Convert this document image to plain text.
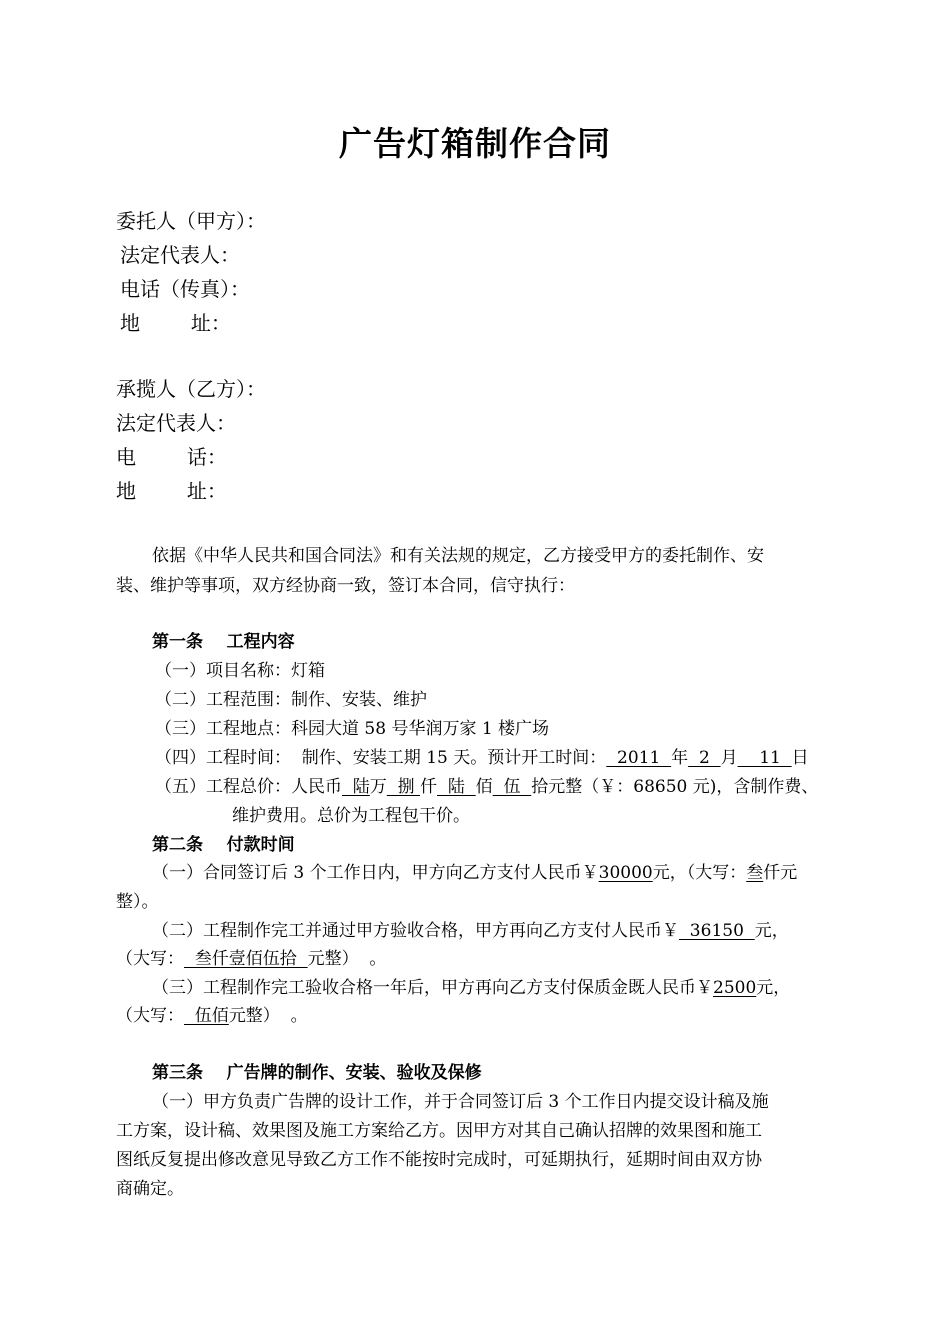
广告灯箱制作合同
委托人（甲方）：
法定代表人：
电话（传真）：
地        址：
承揽人（乙方）：
法定代表人：
电        话：
地        址：
依据《中华人民共和国合同法》和有关法规的规定，乙方接受甲方的委托制作、安
装、维护等事项，双方经协商一致，签订本合同，信守执行：
第一条    工程内容
（一）项目名称：灯箱
（二）工程范围：制作、安装、维护
（三）工程地点：科园大道 58 号华润万家 1 楼广场
（四）工程时间：  制作、安装工期 15 天。预计开工时间：  2011  年  2  月    11  日
（五）工程总价：人民币  陆万  捌 仟  陆  佰  伍  拾元整（￥：68650 元)，含制作费、
维护费用。总价为工程包干价。
第二条    付款时间
（一）合同签订后 3 个工作日内，甲方向乙方支付人民币￥30000元，（大写：叁仟元
整）。
（二）工程制作完工并通过甲方验收合格，甲方再向乙方支付人民币￥  36150  元，
（大写：  叁仟壹佰伍拾  元整）  。
（三）工程制作完工验收合格一年后，甲方再向乙方支付保质金既人民币￥2500元，
（大写：  伍佰元整）  。
第三条    广告牌的制作、安装、验收及保修
（一）甲方负责广告牌的设计工作，并于合同签订后 3 个工作日内提交设计稿及施
工方案，设计稿、效果图及施工方案给乙方。因甲方对其自己确认招牌的效果图和施工
图纸反复提出修改意见导致乙方工作不能按时完成时，可延期执行，延期时间由双方协
商确定。
